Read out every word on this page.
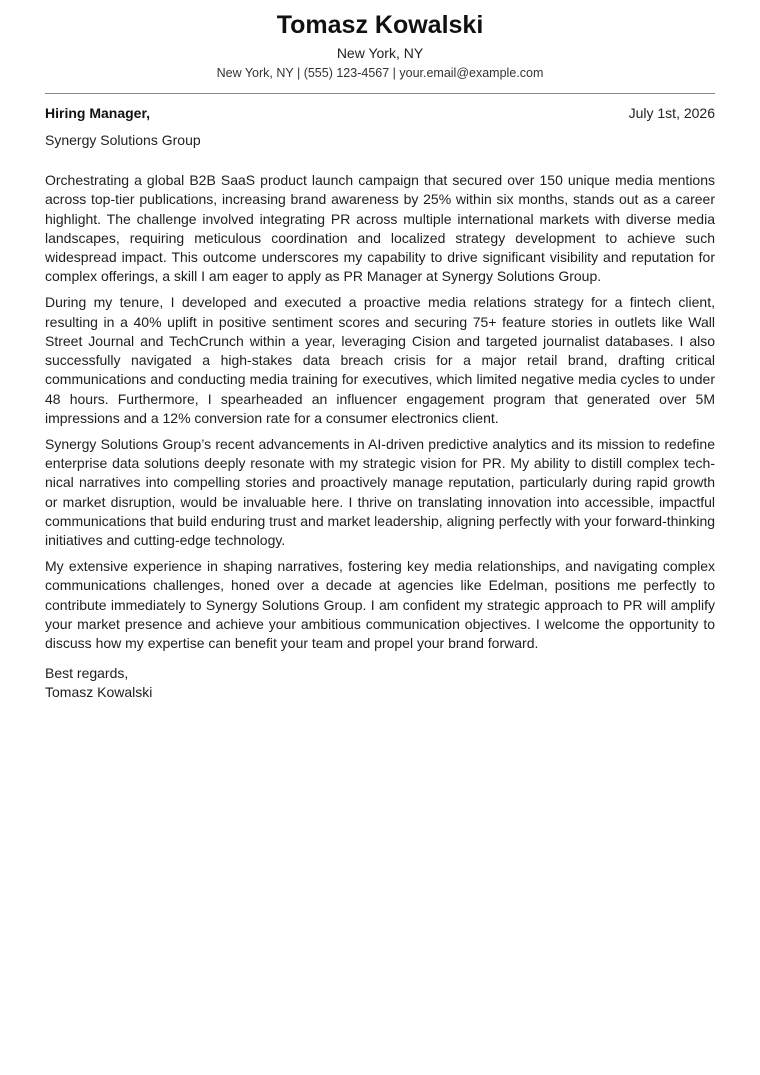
Tomasz Kowalski
New York, NY
New York, NY | (555) 123-4567 | your.email@example.com
Hiring Manager,	July 1st, 2026
Synergy Solutions Group

Orchestrating a global B2B SaaS product launch campaign that secured over 150 unique media mentions across top-tier publications, increasing brand awareness by 25% within six months, stands out as a career highlight. The challenge involved integrating PR across multiple international markets with diverse media landscapes, requiring meticulous coordination and localized strategy development to achieve such widespread impact. This outcome underscores my capability to drive significant visibility and reputation for complex offerings, a skill I am eager to apply as PR Manager at Synergy Solutions Group.

During my tenure, I developed and executed a proactive media relations strategy for a fintech client, resulting in a 40% uplift in positive sentiment scores and securing 75+ feature stories in outlets like Wall Street Journal and TechCrunch within a year, leveraging Cision and targeted journalist databases. I also successfully navigated a high-stakes data breach crisis for a major retail brand, drafting critical communications and conducting media training for executives, which limited negative media cycles to under 48 hours. Furthermore, I spearheaded an influencer engagement program that generated over 5M impressions and a 12% conversion rate for a consumer electronics client.

Synergy Solutions Group’s recent advancements in AI-driven predictive analytics and its mission to redefine enterprise data solutions deeply resonate with my strategic vision for PR. My ability to distill complex technical narratives into compelling stories and proactively manage reputation, particularly during rapid growth or market disruption, would be invaluable here. I thrive on translating innovation into accessible, impactful communications that build enduring trust and market leadership, aligning perfectly with your forward-thinking initiatives and cutting-edge technology.

My extensive experience in shaping narratives, fostering key media relationships, and navigating complex communications challenges, honed over a decade at agencies like Edelman, positions me perfectly to contribute immediately to Synergy Solutions Group. I am confident my strategic approach to PR will amplify your market presence and achieve your ambitious communication objectives. I welcome the opportunity to discuss how my expertise can benefit your team and propel your brand forward.

Best regards,
Tomasz Kowalski
